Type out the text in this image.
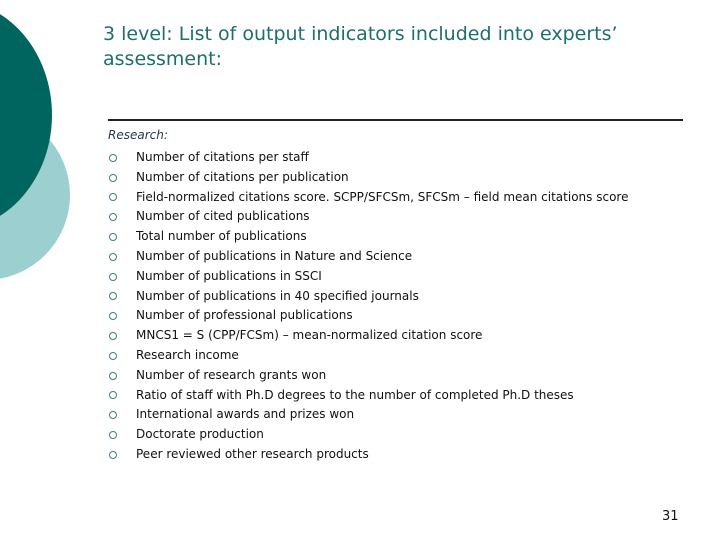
3 level: List of output indicators included into experts’ assessment:
Research:
Number of citations per staff
Number of citations per publication
Field-normalized citations score. SCPP/SFCSm, SFCSm – field mean citations score
Number of cited publications
Total number of publications
Number of publications in Nature and Science
Number of publications in SSCI
Number of publications in 40 specified journals
Number of professional publications
MNCS1 = S (CPP/FCSm) – mean-normalized citation score
Research income
Number of research grants won
Ratio of staff with Ph.D degrees to the number of completed Ph.D theses
International awards and prizes won
Doctorate production
Peer reviewed other research products
31
